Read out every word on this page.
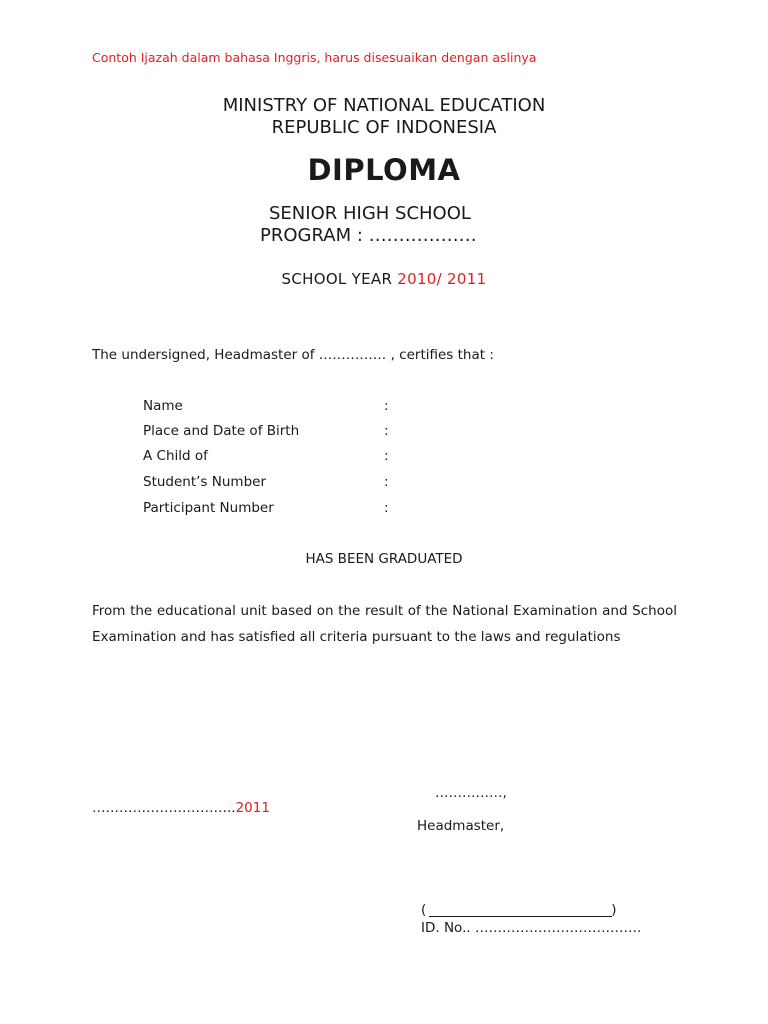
Contoh Ijazah dalam bahasa Inggris, harus disesuaikan dengan aslinya
MINISTRY OF NATIONAL EDUCATION
REPUBLIC OF INDONESIA
DIPLOMA
SENIOR HIGH SCHOOL
PROGRAM : ………………
SCHOOL YEAR 2010/ 2011
The undersigned, Headmaster of …………… , certifies that :
Name	:
Place and Date of Birth	:
A Child of	:
Student’s Number	:
Participant Number	:
HAS BEEN GRADUATED
From the educational unit based on the result of the National Examination and School Examination and has satisfied all criteria pursuant to the laws and regulations
……………,
…………………………..2011
Headmaster,
(	)
ID. No.. ……………………………….
